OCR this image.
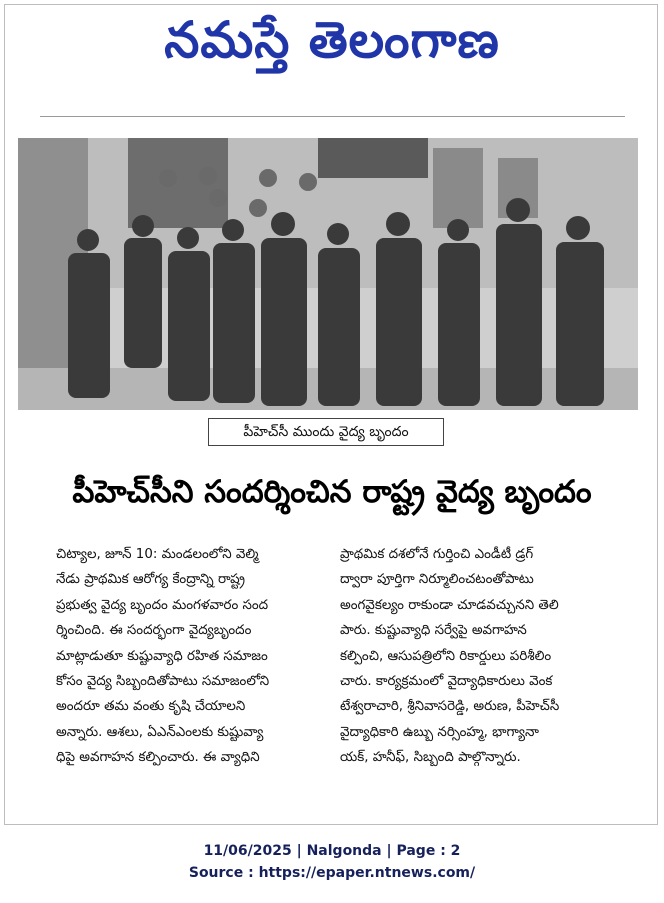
నమస్తే తెలంగాణ
పీహెచ్‌సీ ముందు వైద్య బృందం
పీహెచ్‌సీని సందర్శించిన రాష్ట్ర వైద్య బృందం
చిట్యాల, జూన్ 10: మండలంలోని వెల్మి
నేడు ప్రాథమిక ఆరోగ్య కేంద్రాన్ని రాష్ట్ర
ప్రభుత్వ వైద్య బృందం మంగళవారం సంద
ర్శించింది. ఈ సందర్భంగా వైద్యబృందం
మాట్లాడుతూ కుష్టువ్యాధి రహిత సమాజం
కోసం వైద్య సిబ్బందితోపాటు సమాజంలోని
అందరూ తమ వంతు కృషి చేయాలని
అన్నారు. ఆశలు, ఏఎన్‌ఎంలకు కుష్టువ్యా
ధిపై అవగాహన కల్పించారు. ఈ వ్యాధిని
ప్రాథమిక దశలోనే గుర్తించి ఎండీటీ డ్రగ్
ద్వారా పూర్తిగా నిర్మూలించటంతోపాటు
అంగవైకల్యం రాకుండా చూడవచ్చునని తెలి
పారు. కుష్టువ్యాధి సర్వేపై అవగాహన
కల్పించి, ఆసుపత్రిలోని రికార్డులు పరిశీలిం
చారు. కార్యక్రమంలో వైద్యాధికారులు వెంక
టేశ్వరాచారి, శ్రీనివాసరెడ్డి, అరుణ, పీహెచ్‌సీ
వైద్యాధికారి ఉబ్బు నర్సింహ్మ, భాగ్యానా
యక్, హనీఫ్, సిబ్బంది పాల్గొన్నారు.
11/06/2025 | Nalgonda | Page : 2
Source : https://epaper.ntnews.com/
